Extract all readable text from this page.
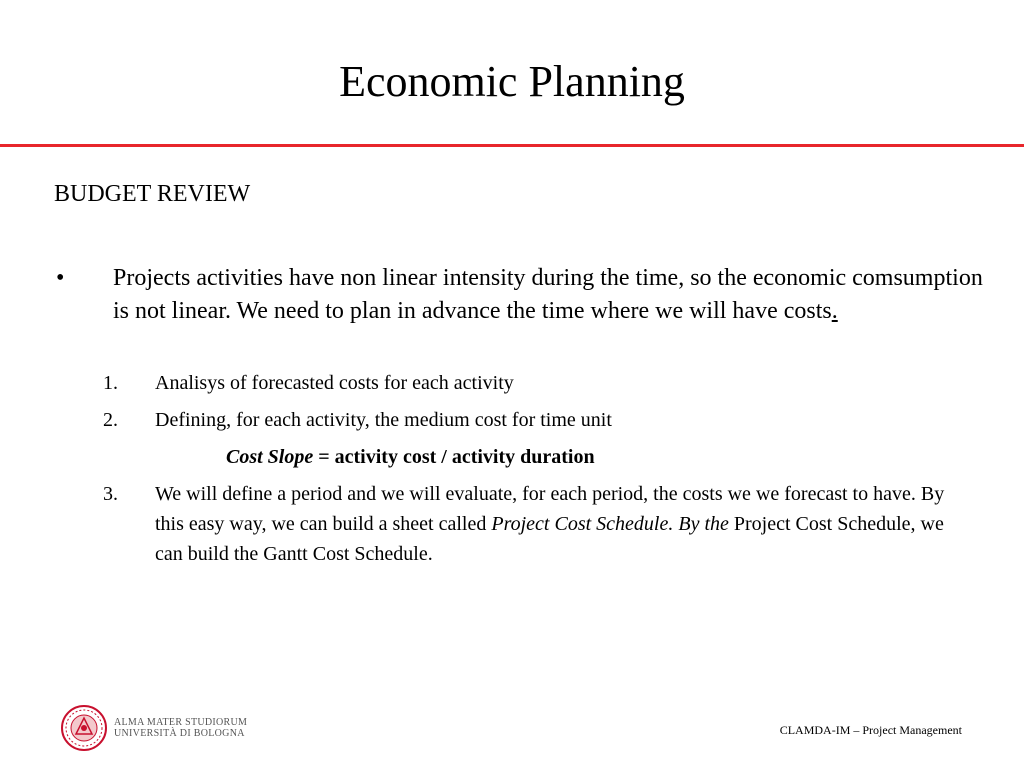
Economic Planning
BUDGET REVIEW
• Projects activities have non linear intensity during the time, so the economic comsumption is not linear. We need to plan in advance the time where we will have costs.
1. Analisys of forecasted costs for each activity
2. Defining, for each activity, the medium cost for time unit
Cost Slope = activity cost / activity duration
3. We will define a period and we will evaluate, for each period, the costs we we forecast to have. By this easy way, we can build a sheet called Project Cost Schedule. By the Project Cost Schedule, we can build the Gantt Cost Schedule.
ALMA MATER STUDIORUM
UNIVERSITÀ DI BOLOGNA	CLAMDA-IM – Project Management
